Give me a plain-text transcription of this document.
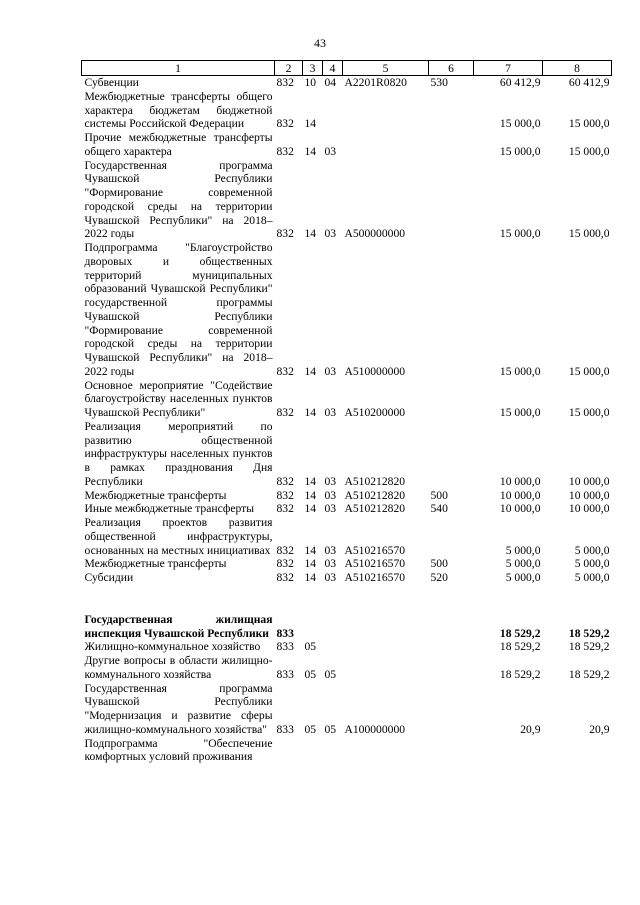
43
1	2	3	4	5	6	7	8
Субвенции	832	10	04	A2201R0820	530	60 412,9	60 412,9
Межбюджетные трансферты общего характера бюджетам бюджетной системы Российской Федерации	832	14				15 000,0	15 000,0
Прочие межбюджетные трансферты общего характера	832	14	03			15 000,0	15 000,0
Государственная программа Чувашской Республики "Формирование современной городской среды на территории Чувашской Республики" на 2018–2022 годы	832	14	03	A500000000		15 000,0	15 000,0
Подпрограмма "Благоустройство дворовых и общественных территорий муниципальных образований Чувашской Республики" государственной программы Чувашской Республики "Формирование современной городской среды на территории Чувашской Республики" на 2018–2022 годы	832	14	03	A510000000		15 000,0	15 000,0
Основное мероприятие "Содействие благоустройству населенных пунктов Чувашской Республики"	832	14	03	A510200000		15 000,0	15 000,0
Реализация мероприятий по развитию общественной инфраструктуры населенных пунктов в рамках празднования Дня Республики	832	14	03	A510212820		10 000,0	10 000,0
Межбюджетные трансферты	832	14	03	A510212820	500	10 000,0	10 000,0
Иные межбюджетные трансферты	832	14	03	A510212820	540	10 000,0	10 000,0
Реализация проектов развития общественной инфраструктуры, основанных на местных инициативах	832	14	03	A510216570		5 000,0	5 000,0
Межбюджетные трансферты	832	14	03	A510216570	500	5 000,0	5 000,0
Субсидии	832	14	03	A510216570	520	5 000,0	5 000,0

Государственная жилищная инспекция Чувашской Республики	833					18 529,2	18 529,2
Жилищно-коммунальное хозяйство	833	05				18 529,2	18 529,2
Другие вопросы в области жилищно-коммунального хозяйства	833	05	05			18 529,2	18 529,2
Государственная программа Чувашской Республики "Модернизация и развитие сферы жилищно-коммунального хозяйства"	833	05	05	A100000000		20,9	20,9
Подпрограмма "Обеспечение комфортных условий проживания							
